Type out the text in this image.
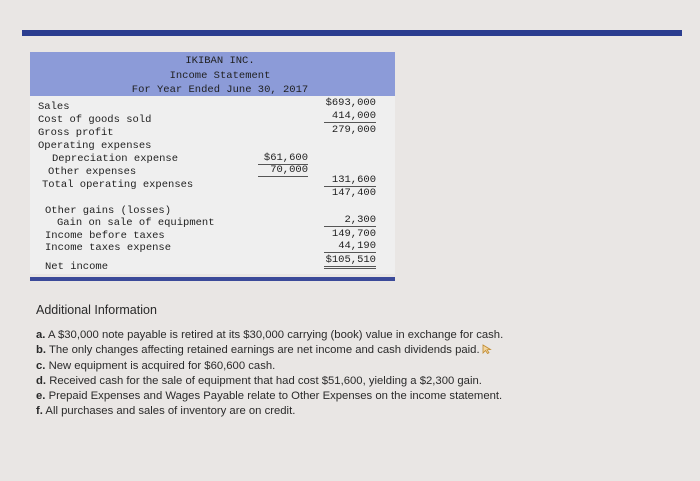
IKIBAN INC.
Income Statement
For Year Ended June 30, 2017
Sales
Cost of goods sold
Gross profit
Operating expenses
Depreciation expense
Other expenses
Total operating expenses
Other gains (losses)
Gain on sale of equipment
Income before taxes
Income taxes expense
Net income
$61,600
70,000
$693,000
414,000
279,000
131,600
147,400
2,300
149,700
44,190
$105,510
Additional Information
a. A $30,000 note payable is retired at its $30,000 carrying (book) value in exchange for cash.
b. The only changes affecting retained earnings are net income and cash dividends paid.
c. New equipment is acquired for $60,600 cash.
d. Received cash for the sale of equipment that had cost $51,600, yielding a $2,300 gain.
e. Prepaid Expenses and Wages Payable relate to Other Expenses on the income statement.
f. All purchases and sales of inventory are on credit.
